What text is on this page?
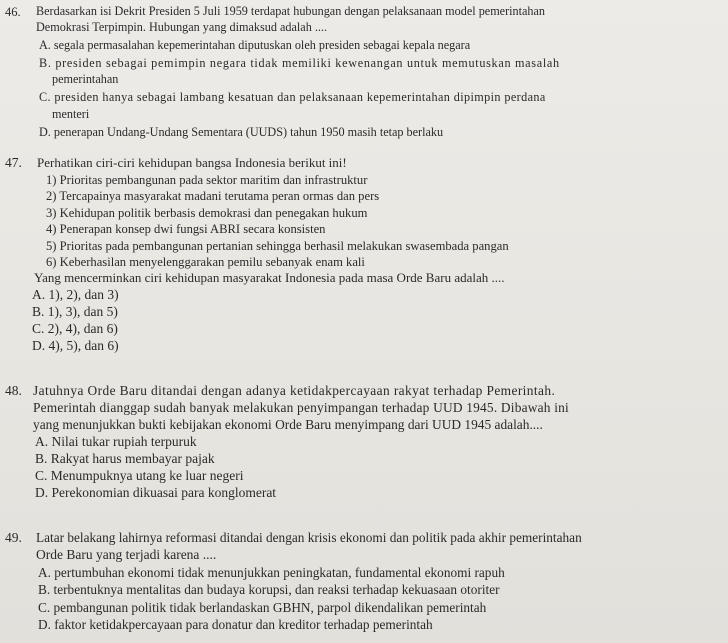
46. Berdasarkan isi Dekrit Presiden 5 Juli 1959 terdapat hubungan dengan pelaksanaan model pemerintahan
Demokrasi Terpimpin. Hubungan yang dimaksud adalah ....
A. segala permasalahan kepemerintahan diputuskan oleh presiden sebagai kepala negara
B. presiden sebagai pemimpin negara tidak memiliki kewenangan untuk memutuskan masalah
pemerintahan
C. presiden hanya sebagai lambang kesatuan dan pelaksanaan kepemerintahan dipimpin perdana
menteri
D. penerapan Undang-Undang Sementara (UUDS) tahun 1950 masih tetap berlaku
47. Perhatikan ciri-ciri kehidupan bangsa Indonesia berikut ini!
1) Prioritas pembangunan pada sektor maritim dan infrastruktur
2) Tercapainya masyarakat madani terutama peran ormas dan pers
3) Kehidupan politik berbasis demokrasi dan penegakan hukum
4) Penerapan konsep dwi fungsi ABRI secara konsisten
5) Prioritas pada pembangunan pertanian sehingga berhasil melakukan swasembada pangan
6) Keberhasilan menyelenggarakan pemilu sebanyak enam kali
Yang mencerminkan ciri kehidupan masyarakat Indonesia pada masa Orde Baru adalah ....
A. 1), 2), dan 3)
B. 1), 3), dan 5)
C. 2), 4), dan 6)
D. 4), 5), dan 6)
48. Jatuhnya Orde Baru ditandai dengan adanya ketidakpercayaan rakyat terhadap Pemerintah.
Pemerintah dianggap sudah banyak melakukan penyimpangan terhadap UUD 1945. Dibawah ini
yang menunjukkan bukti kebijakan ekonomi Orde Baru menyimpang dari UUD 1945 adalah....
A. Nilai tukar rupiah terpuruk
B. Rakyat harus membayar pajak
C. Menumpuknya utang ke luar negeri
D. Perekonomian dikuasai para konglomerat
49. Latar belakang lahirnya reformasi ditandai dengan krisis ekonomi dan politik pada akhir pemerintahan
Orde Baru yang terjadi karena ....
A. pertumbuhan ekonomi tidak menunjukkan peningkatan, fundamental ekonomi rapuh
B. terbentuknya mentalitas dan budaya korupsi, dan reaksi terhadap kekuasaan otoriter
C. pembangunan politik tidak berlandaskan GBHN, parpol dikendalikan pemerintah
D. faktor ketidakpercayaan para donatur dan kreditor terhadap pemerintah
